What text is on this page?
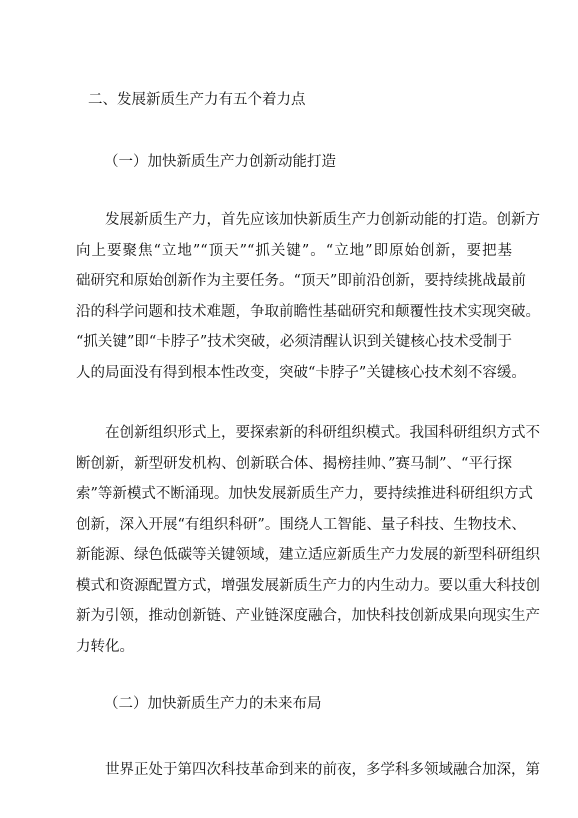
二、发展新质生产力有五个着力点
（一）加快新质生产力创新动能打造

发展新质生产力，首先应该加快新质生产力创新动能的打造。创新方
向上要聚焦“立地”“顶天”“抓关键”。“立地”即原始创新，要把基
础研究和原始创新作为主要任务。“顶天”即前沿创新，要持续挑战最前
沿的科学问题和技术难题，争取前瞻性基础研究和颠覆性技术实现突破。
“抓关键”即“卡脖子”技术突破，必须清醒认识到关键核心技术受制于
人的局面没有得到根本性改变，突破“卡脖子”关键核心技术刻不容缓。

在创新组织形式上，要探索新的科研组织模式。我国科研组织方式不
断创新，新型研发机构、创新联合体、揭榜挂帅、”赛马制”、“平行探
索”等新模式不断涌现。加快发展新质生产力，要持续推进科研组织方式
创新，深入开展“有组织科研”。围绕人工智能、量子科技、生物技术、
新能源、绿色低碳等关键领域，建立适应新质生产力发展的新型科研组织
模式和资源配置方式，增强发展新质生产力的内生动力。要以重大科技创
新为引领，推动创新链、产业链深度融合，加快科技创新成果向现实生产
力转化。

（二）加快新质生产力的未来布局

世界正处于第四次科技革命到来的前夜，多学科多领域融合加深，第
